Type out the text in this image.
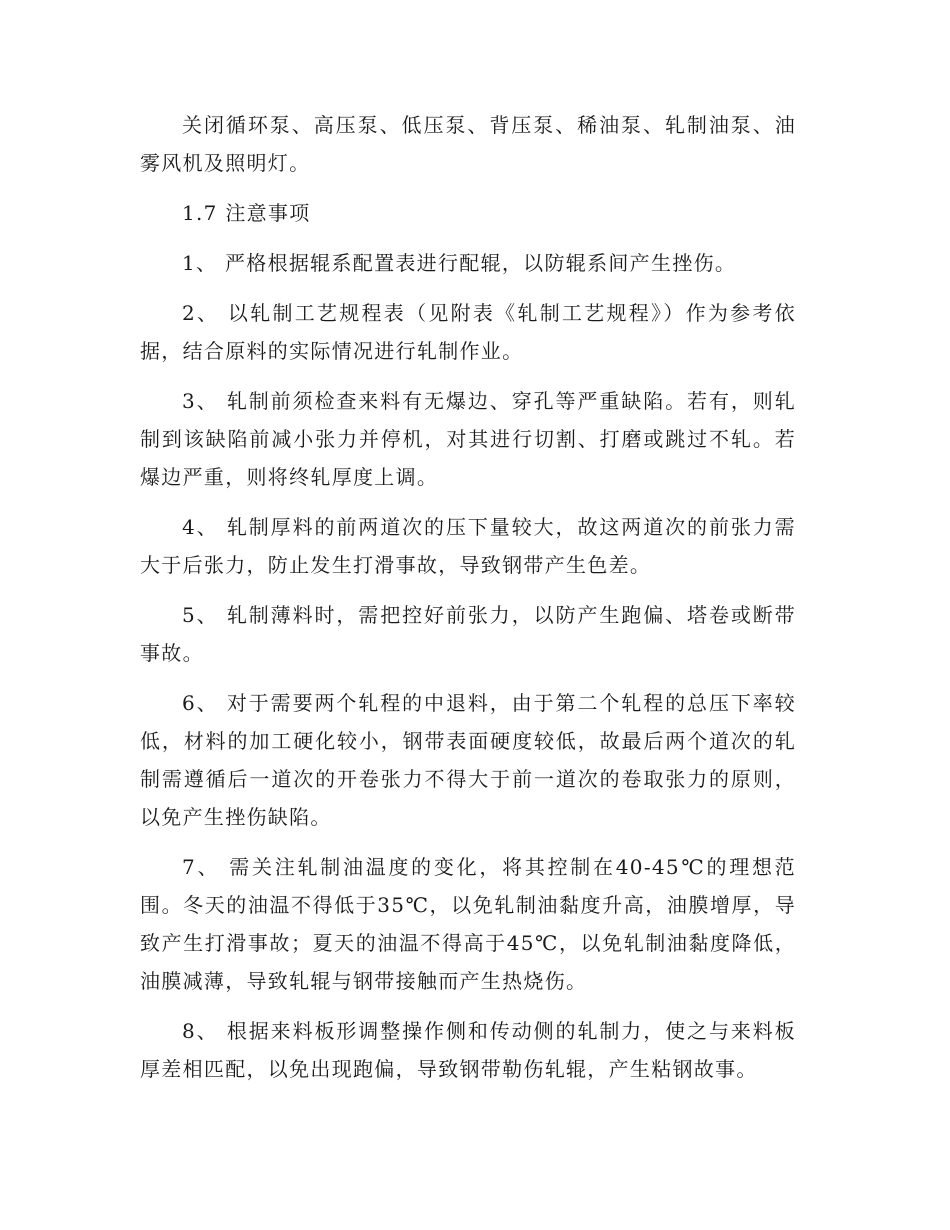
关闭循环泵、高压泵、低压泵、背压泵、稀油泵、轧制油泵、油雾风机及照明灯。

1.7 注意事项

1、 严格根据辊系配置表进行配辊，以防辊系间产生挫伤。

2、 以轧制工艺规程表（见附表《轧制工艺规程》）作为参考依据，结合原料的实际情况进行轧制作业。

3、 轧制前须检查来料有无爆边、穿孔等严重缺陷。若有，则轧制到该缺陷前减小张力并停机，对其进行切割、打磨或跳过不轧。若爆边严重，则将终轧厚度上调。

4、 轧制厚料的前两道次的压下量较大，故这两道次的前张力需大于后张力，防止发生打滑事故，导致钢带产生色差。

5、 轧制薄料时，需把控好前张力，以防产生跑偏、塔卷或断带事故。

6、 对于需要两个轧程的中退料，由于第二个轧程的总压下率较低，材料的加工硬化较小，钢带表面硬度较低，故最后两个道次的轧制需遵循后一道次的开卷张力不得大于前一道次的卷取张力的原则，以免产生挫伤缺陷。

7、 需关注轧制油温度的变化，将其控制在40-45℃的理想范围。冬天的油温不得低于35℃，以免轧制油黏度升高，油膜增厚，导致产生打滑事故；夏天的油温不得高于45℃，以免轧制油黏度降低，油膜减薄，导致轧辊与钢带接触而产生热烧伤。

8、 根据来料板形调整操作侧和传动侧的轧制力，使之与来料板厚差相匹配，以免出现跑偏，导致钢带勒伤轧辊，产生粘钢故事。
